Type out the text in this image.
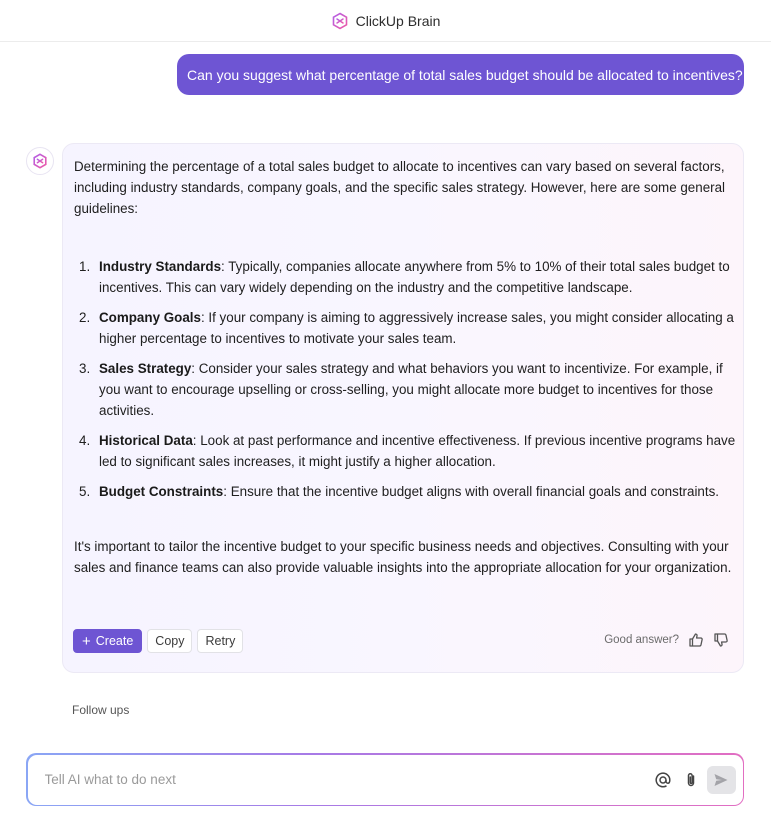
ClickUp Brain
Can you suggest what percentage of total sales budget should be allocated to incentives?

Determining the percentage of a total sales budget to allocate to incentives can vary based on several factors, including industry standards, company goals, and the specific sales strategy. However, here are some general guidelines:

1. Industry Standards: Typically, companies allocate anywhere from 5% to 10% of their total sales budget to incentives. This can vary widely depending on the industry and the competitive landscape.
2. Company Goals: If your company is aiming to aggressively increase sales, you might consider allocating a higher percentage to incentives to motivate your sales team.
3. Sales Strategy: Consider your sales strategy and what behaviors you want to incentivize. For example, if you want to encourage upselling or cross-selling, you might allocate more budget to incentives for those activities.
4. Historical Data: Look at past performance and incentive effectiveness. If previous incentive programs have led to significant sales increases, it might justify a higher allocation.
5. Budget Constraints: Ensure that the incentive budget aligns with overall financial goals and constraints.

It's important to tailor the incentive budget to your specific business needs and objectives. Consulting with your sales and finance teams can also provide valuable insights into the appropriate allocation for your organization.

+ Create	Copy	Retry	Good answer?
Follow ups
Tell AI what to do next
